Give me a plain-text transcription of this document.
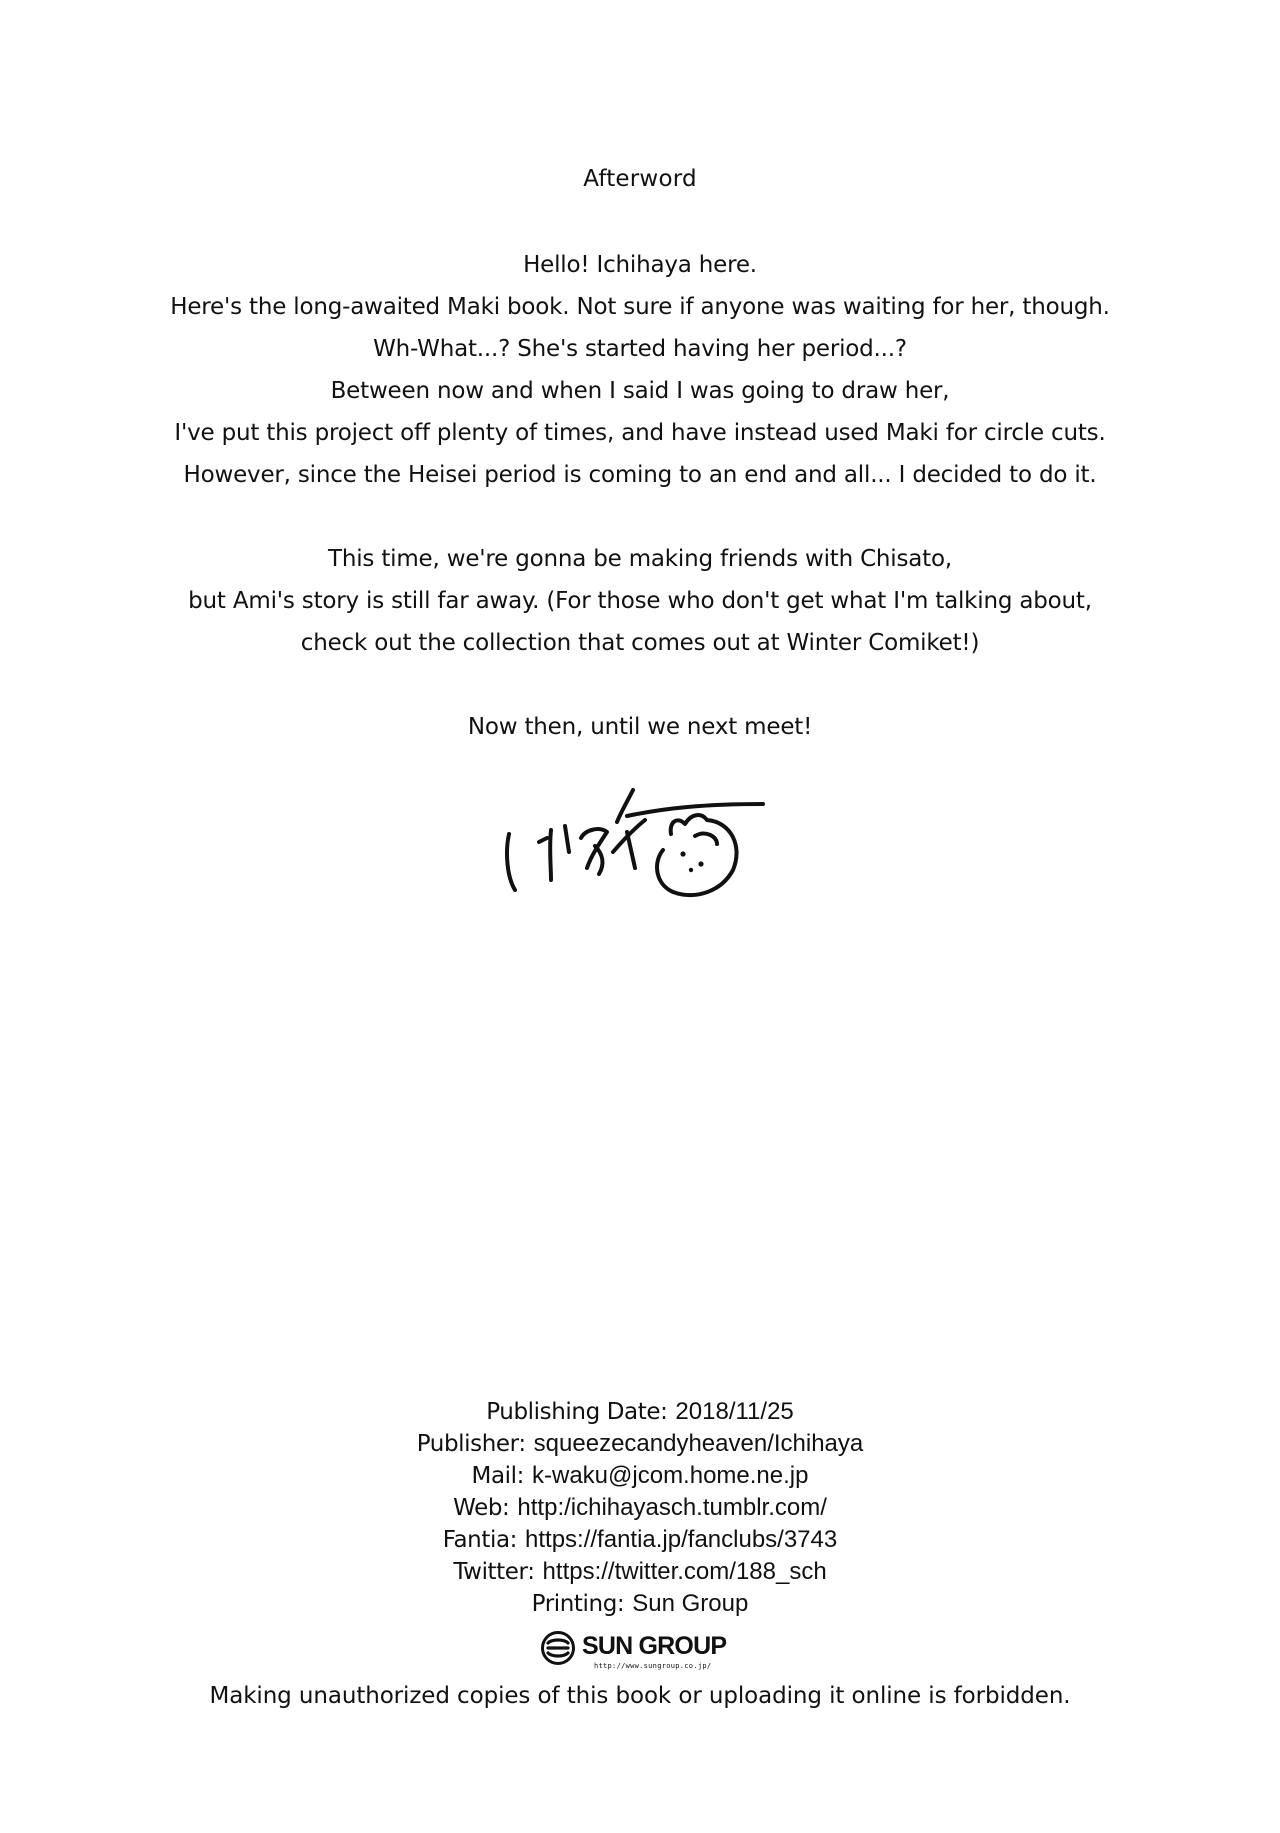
Afterword

Hello! Ichihaya here.

Here's the long-awaited Maki book. Not sure if anyone was waiting for her, though.

Wh-What...? She's started having her period...?

Between now and when I said I was going to draw her,

I've put this project off plenty of times, and have instead used Maki for circle cuts.

However, since the Heisei period is coming to an end and all... I decided to do it.

This time, we're gonna be making friends with Chisato,

but Ami's story is still far away. (For those who don't get what I'm talking about,

check out the collection that comes out at Winter Comiket!)

Now then, until we next meet!

Publishing Date: 2018/11/25
Publisher: squeezecandyheaven/Ichihaya
Mail: k-waku@jcom.home.ne.jp
Web: http:/ichihayasch.tumblr.com/
Fantia: https://fantia.jp/fanclubs/3743
Twitter: https://twitter.com/188_sch
Printing: Sun Group
SUN GROUP
http://www.sungroup.co.jp/
Making unauthorized copies of this book or uploading it online is forbidden.
